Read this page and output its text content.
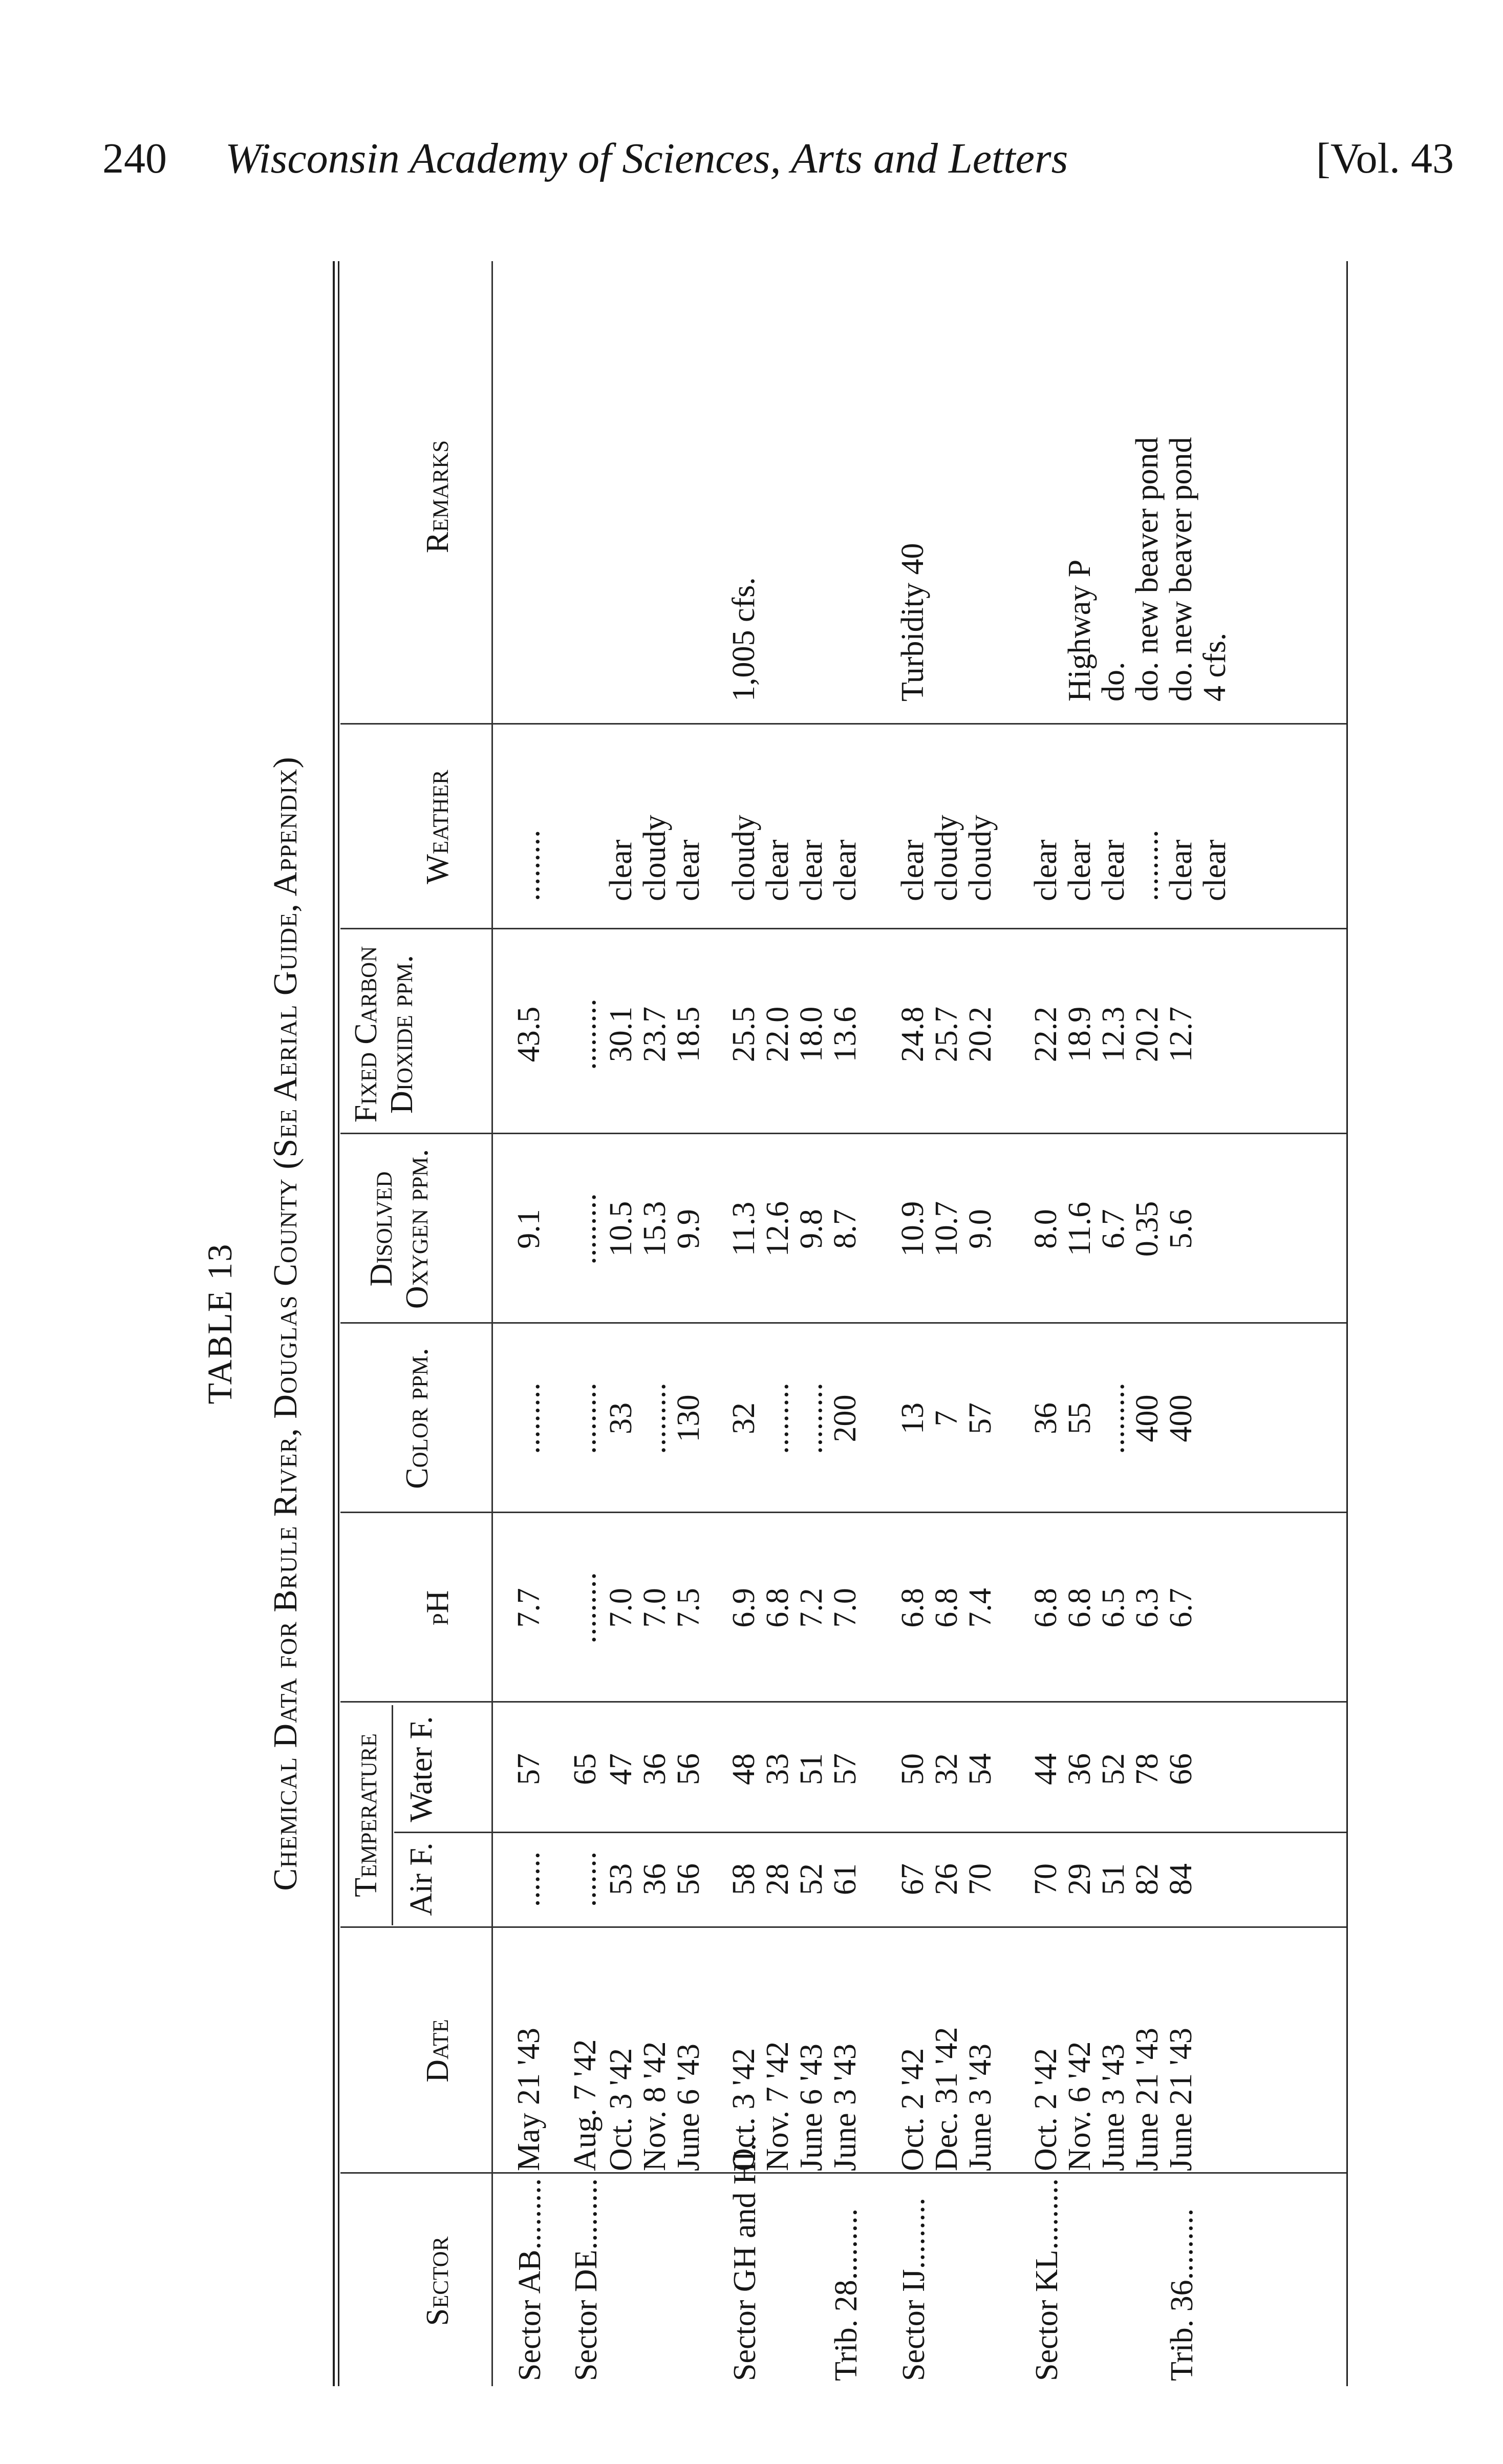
240 Wisconsin Academy of Sciences, Arts and Letters	[Vol. 43
TABLE 13 Chemical Data for Brule River, Douglas County (See Aerial Guide, Appendix)
Sector
Date
Temperature Air F.
Water F.
pH
Color ppm.
Disolved Oxygen ppm.
Fixed Carbon Dioxide ppm.
Weather
Remarks
Sector AB.........
May 21 '43
.......
57
7.7
.........
9.1
43.5
.........
Sector DE.........
Aug. 7 '42
.......
65
.........
.........
.........
.........
Oct. 3 '42
53
47
7.0
33
10.5
30.1
clear
Nov. 8 '42
36
36
7.0
.........
15.3
23.7
cloudy
June 6 '43
56
56
7.5
130
9.9
18.5
clear
Sector GH and HI..
Oct. 3 '42
58
48
6.9
32
11.3
25.5
cloudy
1,005 cfs.
Nov. 7 '42
28
33
6.8
.........
12.6
22.0
clear
June 6 '43
52
51
7.2
.........
9.8
18.0
clear
Trib. 28.........
June 3 '43
61
57
7.0
200
8.7
13.6
clear
Sector IJ.........
Oct. 2 '42
67
50
6.8
13
10.9
24.8
clear
Turbidity 40
Dec. 31 '42
26
32
6.8
7
10.7
25.7
cloudy
June 3 '43
70
54
7.4
57
9.0
20.2
cloudy
Sector KL.........
Oct. 2 '42
70
44
6.8
36
8.0
22.2
clear
Nov. 6 '42
29
36
6.8
55
11.6
18.9
clear
Highway P
June 3 '43
51
52
6.5
.........
6.7
12.3
clear
do.
June 21 '43
82
78
6.3
400
0.35
20.2
.........
do. new beaver pond
Trib. 36.........
June 21 '43
84
66
6.7
400
5.6
12.7
clear
do. new beaver pond
clear
4 cfs.
